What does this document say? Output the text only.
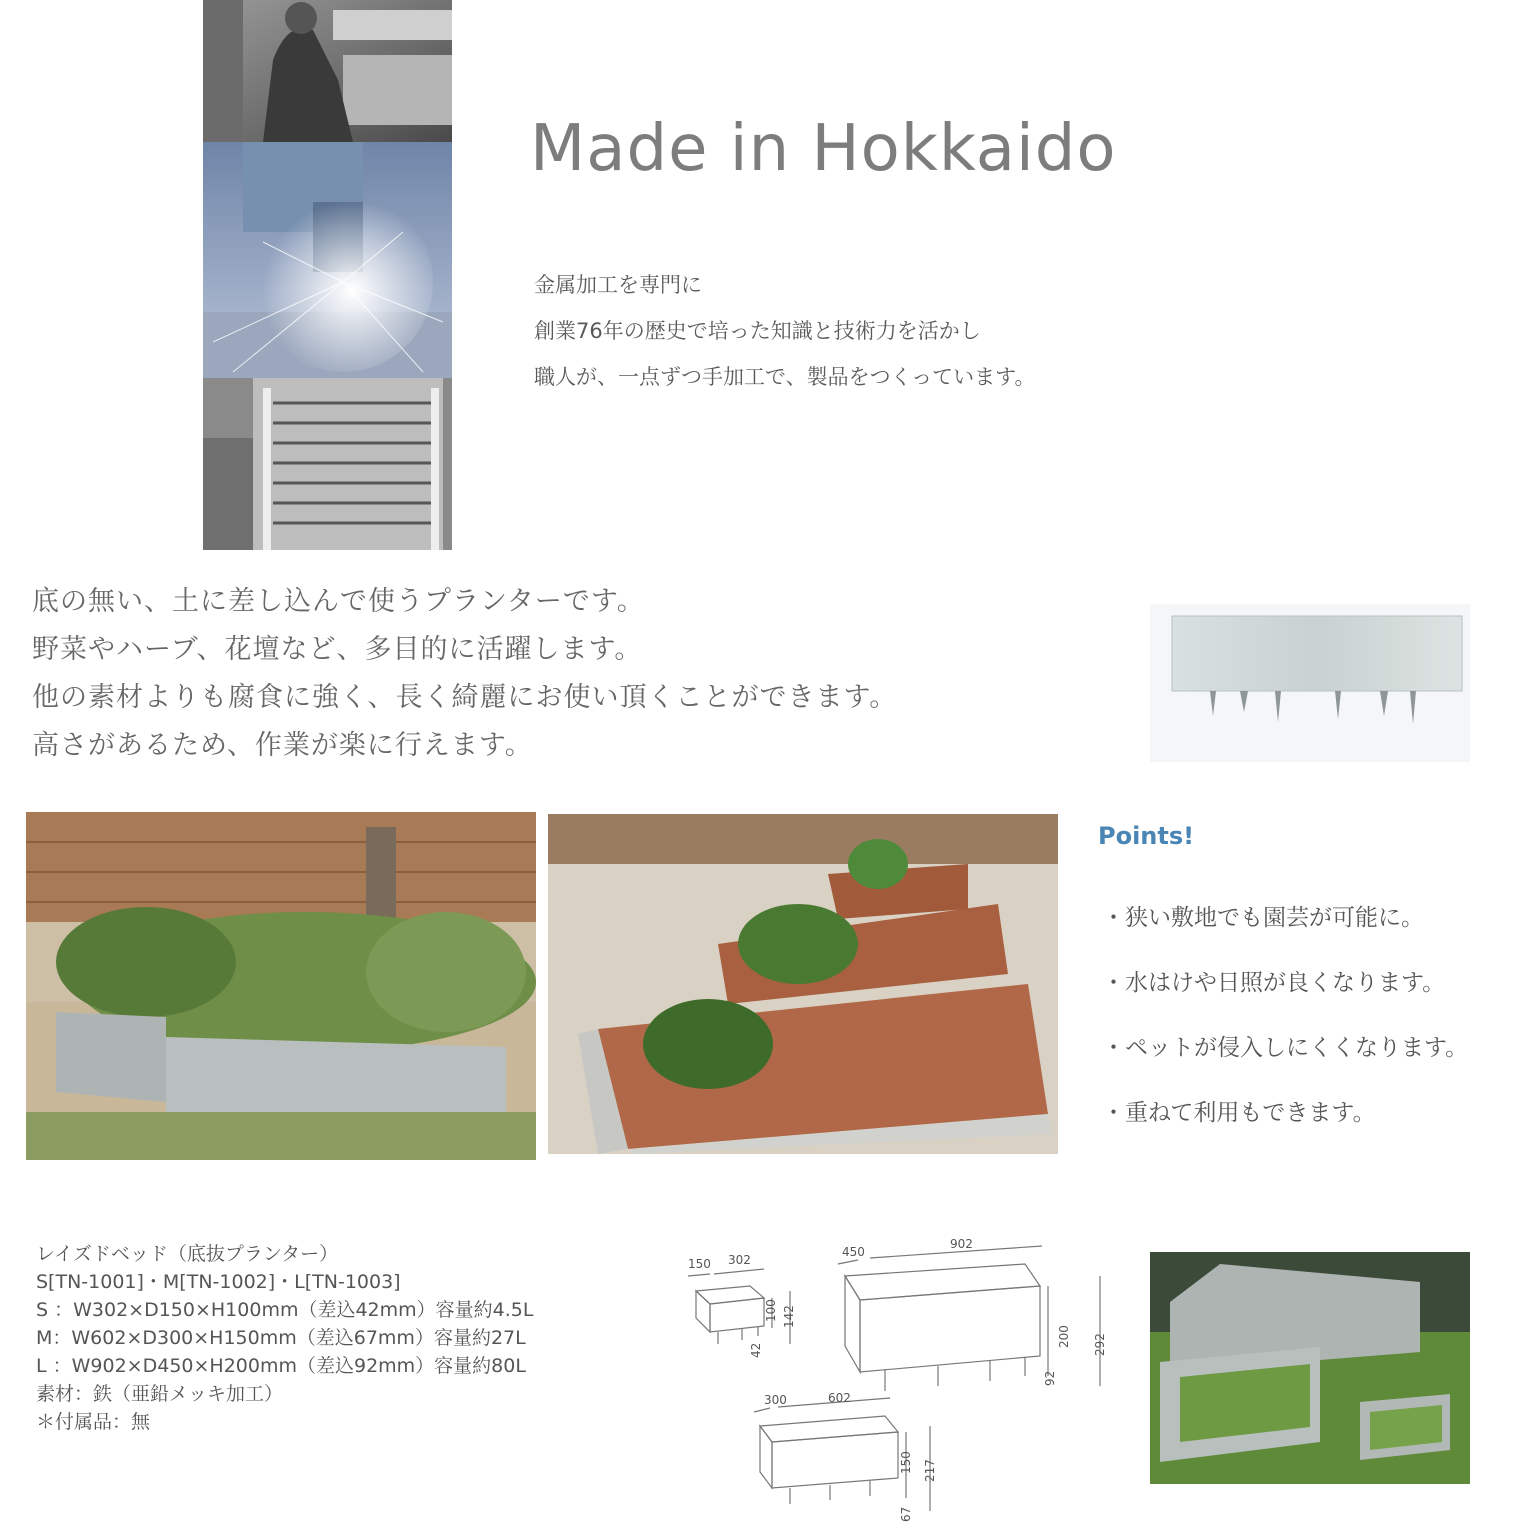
Made in Hokkaido
金属加工を専門に
創業76年の歴史で培った知識と技術力を活かし
職人が、一点ずつ手加工で、製品をつくっています。
底の無い、土に差し込んで使うプランターです。
野菜やハーブ、花壇など、多目的に活躍します。
他の素材よりも腐食に強く、長く綺麗にお使い頂くことができます。
高さがあるため、作業が楽に行えます。
Points!
・狭い敷地でも園芸が可能に。
・水はけや日照が良くなります。
・ペットが侵入しにくくなります。
・重ねて利用もできます。
レイズドベッド（底抜プランター）
S[TN-1001]・M[TN-1002]・L[TN-1003]
S ：W302×D150×H100mm（差込42mm）容量約4.5L
M：W602×D300×H150mm（差込67mm）容量約27L
L ：W902×D450×H200mm（差込92mm）容量約80L
素材：鉄（亜鉛メッキ加工）
＊付属品：無
150 302
100 142
42
450
902
200 292
92
300	602
150 217
67
